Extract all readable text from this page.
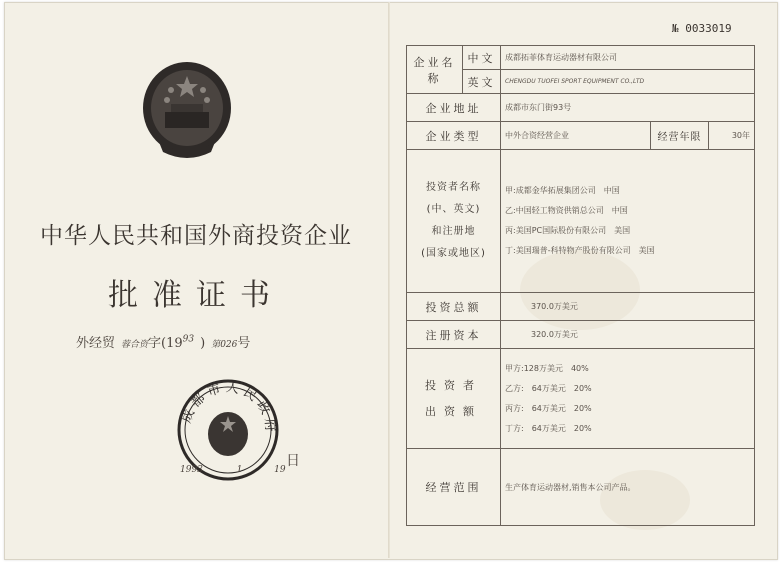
中华人民共和国外商投资企业
批准证书
外经贸 蓉合资字($19^{93}$ ) 第026号
成都市人民政府
1993	1	19
日
№ 0033019
企业名称	中文	成都拓菲体育运动器材有限公司		
	英文	CHENGDU TUOFEI SPORT EQUIPMENT CO.,LTD		
企业地址		成都市东门街93号		
企业类型		中外合资经营企业	经营年限	30年

投资者名称
(中、英文)
和注册地
(国家或地区)		甲:成都金华拓展集团公司　中国
乙:中国轻工物资供销总公司　中国
丙:美国PC国际股份有限公司　美国
丁:美国瑞普-科特物产股份有限公司　美国		

投资总额		370.0万美元		
注册资本		320.0万美元		

投资者
出资额		甲方:128万美元　40%
乙方:　64万美元　20%
丙方:　64万美元　20%
丁方:　64万美元　20%		

经营范围		生产体育运动器材,销售本公司产品。		
